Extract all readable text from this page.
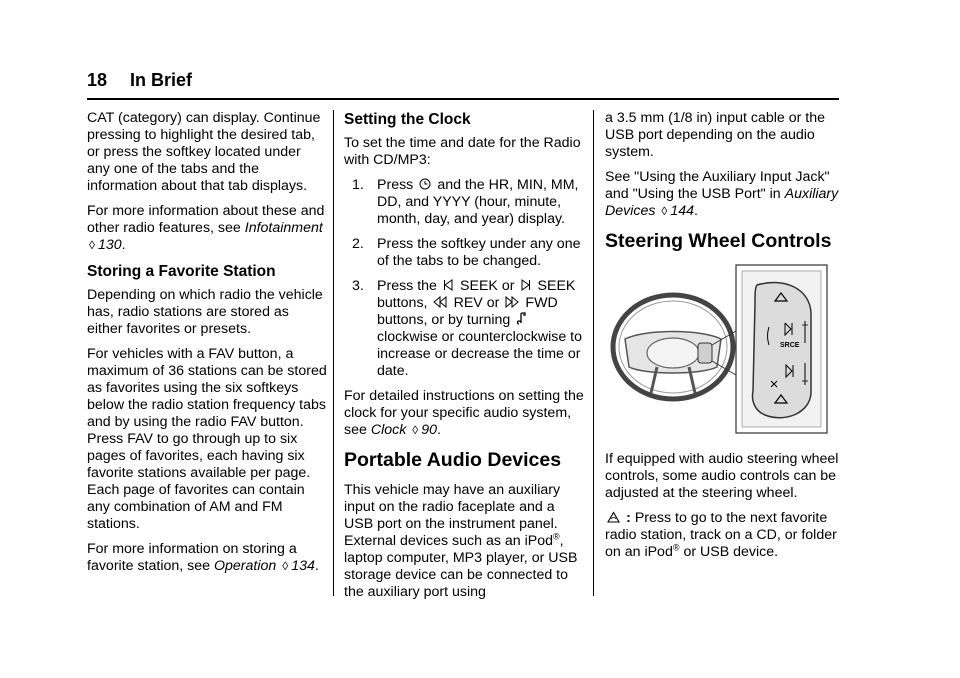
18 In Brief

CAT (category) can display. Continue pressing to highlight the desired tab, or press the softkey located under any one of the tabs and the information about that tab displays.

For more information about these and other radio features, see Infotainment ◊ 130.

Storing a Favorite Station

Depending on which radio the vehicle has, radio stations are stored as either favorites or presets.

For vehicles with a FAV button, a maximum of 36 stations can be stored as favorites using the six softkeys below the radio station frequency tabs and by using the radio FAV button. Press FAV to go through up to six pages of favorites, each having six favorite stations available per page. Each page of favorites can contain any combination of AM and FM stations.

For more information on storing a favorite station, see Operation ◊ 134.

Setting the Clock

To set the time and date for the Radio with CD/MP3:

1. Press and the HR, MIN, MM, DD, and YYYY (hour, minute, month, day, and year) display.
2. Press the softkey under any one of the tabs to be changed.
3. Press the SEEK or SEEK buttons, REV or FWD buttons, or by turning  clockwise or counterclockwise to increase or decrease the time or date.

For detailed instructions on setting the clock for your specific audio system, see Clock ◊ 90.

Portable Audio Devices

This vehicle may have an auxiliary input on the radio faceplate and a USB port on the instrument panel. External devices such as an iPod®, laptop computer, MP3 player, or USB storage device can be connected to the auxiliary port using

a 3.5 mm (1/8 in) input cable or the USB port depending on the audio system.

See "Using the Auxiliary Input Jack" and "Using the USB Port" in Auxiliary Devices ◊ 144.

Steering Wheel Controls
SRCE

If equipped with audio steering wheel controls, some audio controls can be adjusted at the steering wheel.

: Press to go to the next favorite radio station, track on a CD, or folder on an iPod® or USB device.
